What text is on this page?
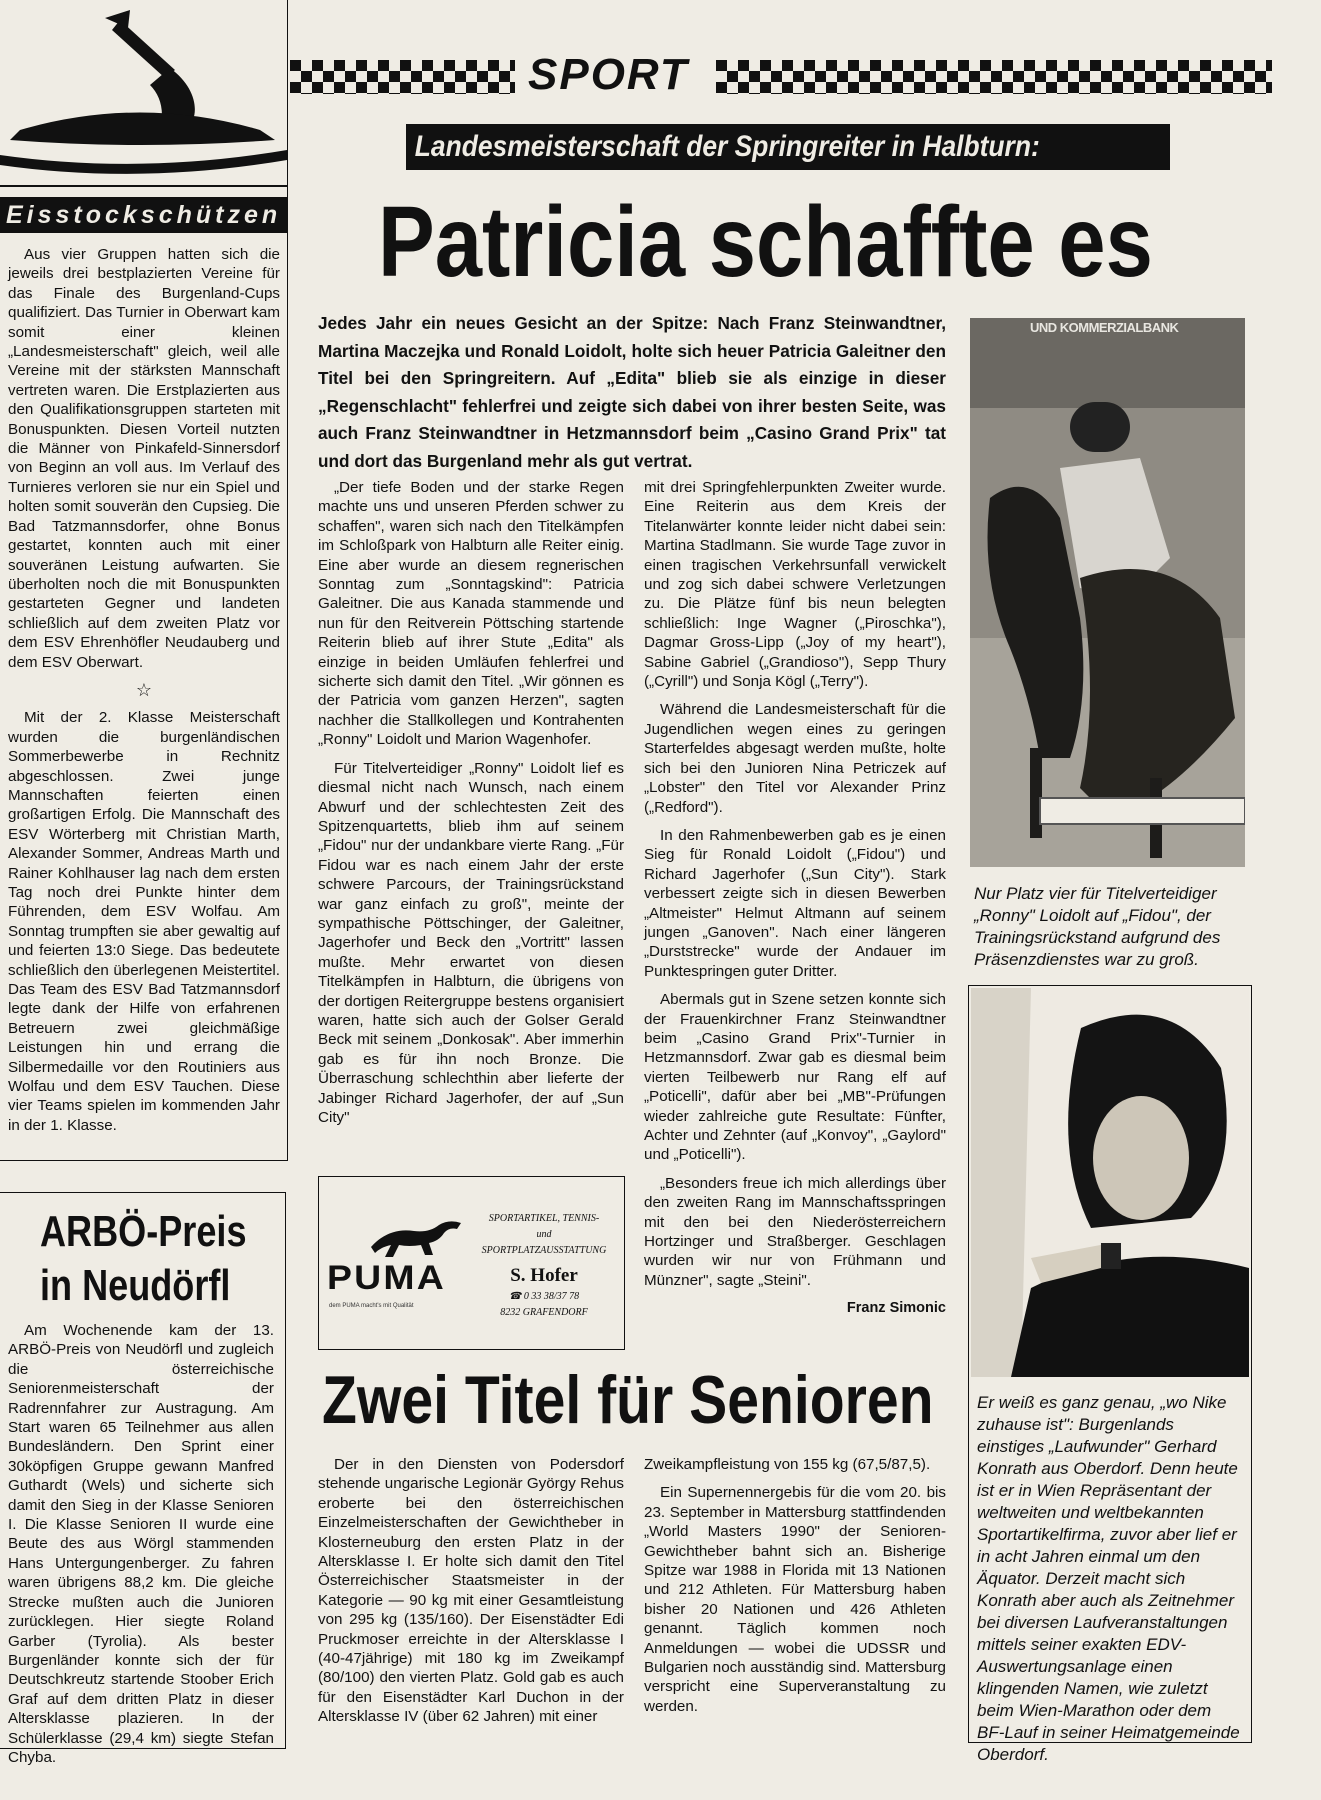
Eisstockschützen

Aus vier Gruppen hatten sich die jeweils drei bestplazierten Vereine für das Finale des Burgenland-Cups qualifiziert. Das Turnier in Oberwart kam somit einer kleinen „Landesmeisterschaft" gleich, weil alle Vereine mit der stärksten Mannschaft vertreten waren. Die Erstplazierten aus den Qualifikationsgruppen starteten mit Bonuspunkten. Diesen Vorteil nutzten die Männer von Pinkafeld-Sinnersdorf von Beginn an voll aus. Im Verlauf des Turnieres verloren sie nur ein Spiel und holten somit souverän den Cupsieg. Die Bad Tatzmannsdorfer, ohne Bonus gestartet, konnten auch mit einer souveränen Leistung aufwarten. Sie überholten noch die mit Bonuspunkten gestarteten Gegner und landeten schließlich auf dem zweiten Platz vor dem ESV Ehrenhöfler Neudauberg und dem ESV Oberwart.

☆

Mit der 2. Klasse Meisterschaft wurden die burgenländischen Sommerbewerbe in Rechnitz abgeschlossen. Zwei junge Mannschaften feierten einen großartigen Erfolg. Die Mannschaft des ESV Wörterberg mit Christian Marth, Alexander Sommer, Andreas Marth und Rainer Kohlhauser lag nach dem ersten Tag noch drei Punkte hinter dem Führenden, dem ESV Wolfau. Am Sonntag trumpften sie aber gewaltig auf und feierten 13:0 Siege. Das bedeutete schließlich den überlegenen Meistertitel. Das Team des ESV Bad Tatzmannsdorf legte dank der Hilfe von erfahrenen Betreuern zwei gleichmäßige Leistungen hin und errang die Silbermedaille vor den Routiniers aus Wolfau und dem ESV Tauchen. Diese vier Teams spielen im kommenden Jahr in der 1. Klasse.

ARBÖ-Preis
in Neudörfl

Am Wochenende kam der 13. ARBÖ-Preis von Neudörfl und zugleich die österreichische Seniorenmeisterschaft der Radrennfahrer zur Austragung. Am Start waren 65 Teilnehmer aus allen Bundesländern. Den Sprint einer 30köpfigen Gruppe gewann Manfred Guthardt (Wels) und sicherte sich damit den Sieg in der Klasse Senioren I. Die Klasse Senioren II wurde eine Beute des aus Wörgl stammenden Hans Untergungenberger. Zu fahren waren übrigens 88,2 km. Die gleiche Strecke mußten auch die Junioren zurücklegen. Hier siegte Roland Garber (Tyrolia). Als bester Burgenländer konnte sich der für Deutschkreutz startende Stoober Erich Graf auf dem dritten Platz in dieser Altersklasse plazieren. In der Schülerklasse (29,4 km) siegte Stefan Chyba.

SPORT
Landesmeisterschaft der Springreiter in Halbturn:
Patricia schaffte es
Jedes Jahr ein neues Gesicht an der Spitze: Nach Franz Steinwandtner, Martina Maczejka und Ronald Loidolt, holte sich heuer Patricia Galeitner den Titel bei den Springreitern. Auf „Edita" blieb sie als einzige in dieser „Regenschlacht" fehlerfrei und zeigte sich dabei von ihrer besten Seite, was auch Franz Steinwandtner in Hetzmannsdorf beim „Casino Grand Prix" tat und dort das Burgenland mehr als gut vertrat.

„Der tiefe Boden und der starke Regen machte uns und unseren Pferden schwer zu schaffen", waren sich nach den Titelkämpfen im Schloßpark von Halbturn alle Reiter einig. Eine aber wurde an diesem regnerischen Sonntag zum „Sonntagskind": Patricia Galeitner. Die aus Kanada stammende und nun für den Reitverein Pöttsching startende Reiterin blieb auf ihrer Stute „Edita" als einzige in beiden Umläufen fehlerfrei und sicherte sich damit den Titel. „Wir gönnen es der Patricia vom ganzen Herzen", sagten nachher die Stallkollegen und Kontrahenten „Ronny" Loidolt und Marion Wagenhofer.

Für Titelverteidiger „Ronny" Loidolt lief es diesmal nicht nach Wunsch, nach einem Abwurf und der schlechtesten Zeit des Spitzenquartetts, blieb ihm auf seinem „Fidou" nur der undankbare vierte Rang. „Für Fidou war es nach einem Jahr der erste schwere Parcours, der Trainingsrückstand war ganz einfach zu groß", meinte der sympathische Pöttschinger, der Galeitner, Jagerhofer und Beck den „Vortritt" lassen mußte. Mehr erwartet von diesen Titelkämpfen in Halbturn, die übrigens von der dortigen Reitergruppe bestens organisiert waren, hatte sich auch der Golser Gerald Beck mit seinem „Donkosak". Aber immerhin gab es für ihn noch Bronze. Die Überraschung schlechthin aber lieferte der Jabinger Richard Jagerhofer, der auf „Sun City"

mit drei Springfehlerpunkten Zweiter wurde. Eine Reiterin aus dem Kreis der Titelanwärter konnte leider nicht dabei sein: Martina Stadlmann. Sie wurde Tage zuvor in einen tragischen Verkehrsunfall verwickelt und zog sich dabei schwere Verletzungen zu. Die Plätze fünf bis neun belegten schließlich: Inge Wagner („Piroschka"), Dagmar Gross-Lipp („Joy of my heart"), Sabine Gabriel („Grandioso"), Sepp Thury („Cyrill") und Sonja Kögl („Terry").

Während die Landesmeisterschaft für die Jugendlichen wegen eines zu geringen Starterfeldes abgesagt werden mußte, holte sich bei den Junioren Nina Petriczek auf „Lobster" den Titel vor Alexander Prinz („Redford").

In den Rahmenbewerben gab es je einen Sieg für Ronald Loidolt („Fidou") und Richard Jagerhofer („Sun City"). Stark verbessert zeigte sich in diesen Bewerben „Altmeister" Helmut Altmann auf seinem jungen „Ganoven". Nach einer längeren „Durststrecke" wurde der Andauer im Punktespringen guter Dritter.

Abermals gut in Szene setzen konnte sich der Frauenkirchner Franz Steinwandtner beim „Casino Grand Prix"-Turnier in Hetzmannsdorf. Zwar gab es diesmal beim vierten Teilbewerb nur Rang elf auf „Poticelli", dafür aber bei „MB"-Prüfungen wieder zahlreiche gute Resultate: Fünfter, Achter und Zehnter (auf „Konvoy", „Gaylord" und „Poticelli").

„Besonders freue ich mich allerdings über den zweiten Rang im Mannschaftsspringen mit den bei den Niederösterreichern Hortzinger und Straßberger. Geschlagen wurden wir nur von Frühmann und Münzner", sagte „Steini".

Franz Simonic
PUMA
dem PUMA macht's mit Qualität
SPORTARTIKEL, TENNIS-
und
SPORTPLATZAUSSTATTUNG
S. Hofer
☎ 0 33 38/37 78
8232 GRAFENDORF
UND KOMMERZIALBANK
Nur Platz vier für Titelverteidiger „Ronny" Loidolt auf „Fidou", der Trainingsrückstand aufgrund des Präsenzdienstes war zu groß.
Er weiß es ganz genau, „wo Nike zuhause ist": Burgenlands einstiges „Laufwunder" Gerhard Konrath aus Oberdorf. Denn heute ist er in Wien Repräsentant der weltweiten und weltbekannten Sportartikelfirma, zuvor aber lief er in acht Jahren einmal um den Äquator. Derzeit macht sich Konrath aber auch als Zeitnehmer bei diversen Laufveranstaltungen mittels seiner exakten EDV-Auswertungsanlage einen klingenden Namen, wie zuletzt beim Wien-Marathon oder dem BF-Lauf in seiner Heimatgemeinde Oberdorf.
Zwei Titel für Senioren

Der in den Diensten von Podersdorf stehende ungarische Legionär György Rehus eroberte bei den österreichischen Einzelmeisterschaften der Gewichtheber in Klosterneuburg den ersten Platz in der Altersklasse I. Er holte sich damit den Titel Österreichischer Staatsmeister in der Kategorie — 90 kg mit einer Gesamtleistung von 295 kg (135/160). Der Eisenstädter Edi Pruckmoser erreichte in der Altersklasse I (40-47jährige) mit 180 kg im Zweikampf (80/100) den vierten Platz. Gold gab es auch für den Eisenstädter Karl Duchon in der Altersklasse IV (über 62 Jahren) mit einer

Zweikampfleistung von 155 kg (67,5/87,5).

Ein Supernennergebis für die vom 20. bis 23. September in Mattersburg stattfindenden „World Masters 1990" der Senioren-Gewichtheber bahnt sich an. Bisherige Spitze war 1988 in Florida mit 13 Nationen und 212 Athleten. Für Mattersburg haben bisher 20 Nationen und 426 Athleten genannt. Täglich kommen noch Anmeldungen — wobei die UDSSR und Bulgarien noch ausständig sind. Mattersburg verspricht eine Superveranstaltung zu werden.
